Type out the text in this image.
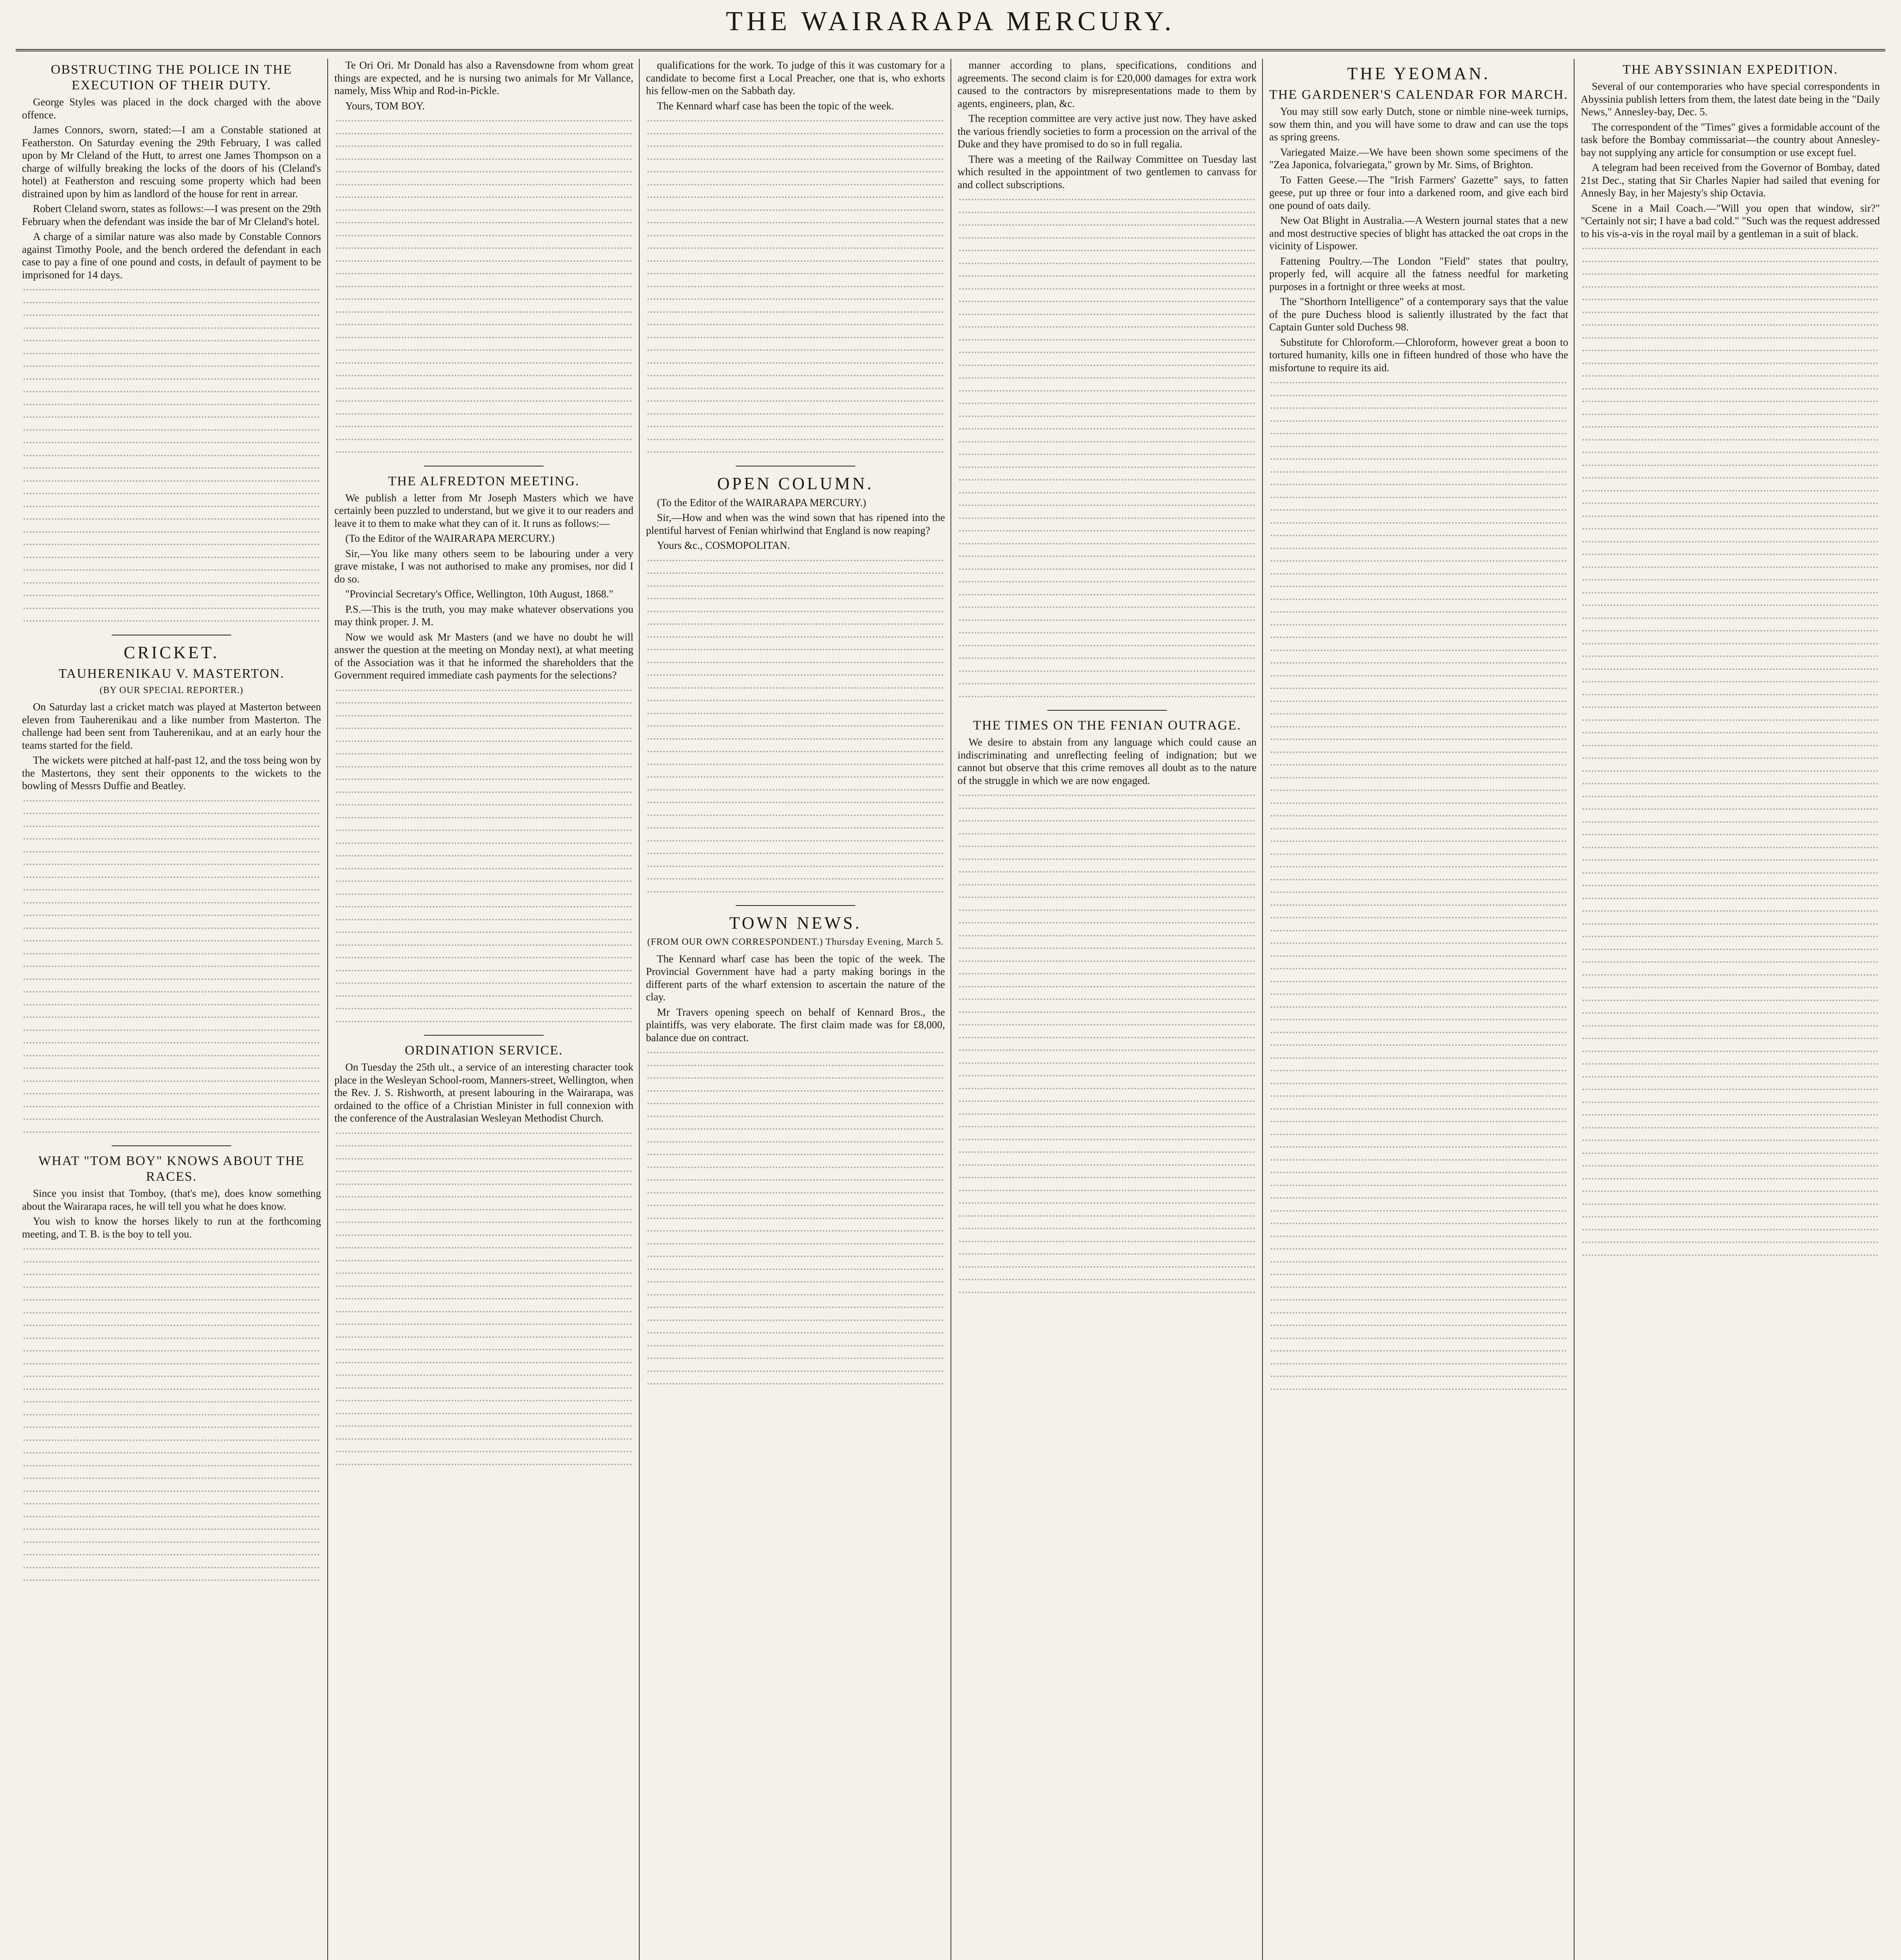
THE WAIRARAPA MERCURY.
OBSTRUCTING THE POLICE IN THE EXECUTION OF THEIR DUTY.

George Styles was placed in the dock charged with the above offence.

James Connors, sworn, stated:—I am a Constable stationed at Featherston. On Saturday evening the 29th February, I was called upon by Mr Cleland of the Hutt, to arrest one James Thompson on a charge of wilfully breaking the locks of the doors of his (Cleland's hotel) at Featherston and rescuing some property which had been distrained upon by him as landlord of the house for rent in arrear.

Robert Cleland sworn, states as follows:—I was present on the 29th February when the defendant was inside the bar of Mr Cleland's hotel.

A charge of a similar nature was also made by Constable Connors against Timothy Poole, and the bench ordered the defendant in each case to pay a fine of one pound and costs, in default of payment to be imprisoned for 14 days.

CRICKET.
TAUHERENIKAU V. MASTERTON.
(BY OUR SPECIAL REPORTER.)

On Saturday last a cricket match was played at Masterton between eleven from Tauherenikau and a like number from Masterton. The challenge had been sent from Tauherenikau, and at an early hour the teams started for the field.

The wickets were pitched at half-past 12, and the toss being won by the Mastertons, they sent their opponents to the wickets to the bowling of Messrs Duffie and Beatley.

WHAT "TOM BOY" KNOWS ABOUT THE RACES.

Since you insist that Tomboy, (that's me), does know something about the Wairarapa races, he will tell you what he does know.

You wish to know the horses likely to run at the forthcoming meeting, and T. B. is the boy to tell you.

Te Ori Ori. Mr Donald has also a Ravensdowne from whom great things are expected, and he is nursing two animals for Mr Vallance, namely, Miss Whip and Rod-in-Pickle.

Yours, TOM BOY.

THE ALFREDTON MEETING.

We publish a letter from Mr Joseph Masters which we have certainly been puzzled to understand, but we give it to our readers and leave it to them to make what they can of it. It runs as follows:—

(To the Editor of the WAIRARAPA MERCURY.)

Sir,—You like many others seem to be labouring under a very grave mistake, I was not authorised to make any promises, nor did I do so.

"Provincial Secretary's Office, Wellington, 10th August, 1868."

P.S.—This is the truth, you may make whatever observations you may think proper. J. M.

Now we would ask Mr Masters (and we have no doubt he will answer the question at the meeting on Monday next), at what meeting of the Association was it that he informed the shareholders that the Government required immediate cash payments for the selections?

ORDINATION SERVICE.

On Tuesday the 25th ult., a service of an interesting character took place in the Wesleyan School-room, Manners-street, Wellington, when the Rev. J. S. Rishworth, at present labouring in the Wairarapa, was ordained to the office of a Christian Minister in full connexion with the conference of the Australasian Wesleyan Methodist Church.

qualifications for the work. To judge of this it was customary for a candidate to become first a Local Preacher, one that is, who exhorts his fellow-men on the Sabbath day.

The Kennard wharf case has been the topic of the week.

OPEN COLUMN.

(To the Editor of the WAIRARAPA MERCURY.)

Sir,—How and when was the wind sown that has ripened into the plentiful harvest of Fenian whirlwind that England is now reaping?

Yours &c., COSMOPOLITAN.

TOWN NEWS.
(FROM OUR OWN CORRESPONDENT.) Thursday Evening, March 5.

The Kennard wharf case has been the topic of the week. The Provincial Government have had a party making borings in the different parts of the wharf extension to ascertain the nature of the clay.

Mr Travers opening speech on behalf of Kennard Bros., the plaintiffs, was very elaborate. The first claim made was for £8,000, balance due on contract.

manner according to plans, specifications, conditions and agreements. The second claim is for £20,000 damages for extra work caused to the contractors by misrepresentations made to them by agents, engineers, plan, &c.

The reception committee are very active just now. They have asked the various friendly societies to form a procession on the arrival of the Duke and they have promised to do so in full regalia.

There was a meeting of the Railway Committee on Tuesday last which resulted in the appointment of two gentlemen to canvass for and collect subscriptions.

THE TIMES ON THE FENIAN OUTRAGE.

We desire to abstain from any language which could cause an indiscriminating and unreflecting feeling of indignation; but we cannot but observe that this crime removes all doubt as to the nature of the struggle in which we are now engaged.

THE YEOMAN.
THE GARDENER'S CALENDAR FOR MARCH.

You may still sow early Dutch, stone or nimble nine-week turnips, sow them thin, and you will have some to draw and can use the tops as spring greens.

Variegated Maize.—We have been shown some specimens of the "Zea Japonica, folvariegata," grown by Mr. Sims, of Brighton.

To Fatten Geese.—The "Irish Farmers' Gazette" says, to fatten geese, put up three or four into a darkened room, and give each bird one pound of oats daily.

New Oat Blight in Australia.—A Western journal states that a new and most destructive species of blight has attacked the oat crops in the vicinity of Lispower.

Fattening Poultry.—The London "Field" states that poultry, properly fed, will acquire all the fatness needful for marketing purposes in a fortnight or three weeks at most.

The "Shorthorn Intelligence" of a contemporary says that the value of the pure Duchess blood is saliently illustrated by the fact that Captain Gunter sold Duchess 98.

Substitute for Chloroform.—Chloroform, however great a boon to tortured humanity, kills one in fifteen hundred of those who have the misfortune to require its aid.

THE ABYSSINIAN EXPEDITION.

Several of our contemporaries who have special correspondents in Abyssinia publish letters from them, the latest date being in the "Daily News," Annesley-bay, Dec. 5.

The correspondent of the "Times" gives a formidable account of the task before the Bombay commissariat—the country about Annesley-bay not supplying any article for consumption or use except fuel.

A telegram had been received from the Governor of Bombay, dated 21st Dec., stating that Sir Charles Napier had sailed that evening for Annesly Bay, in her Majesty's ship Octavia.

Scene in a Mail Coach.—"Will you open that window, sir?" "Certainly not sir; I have a bad cold." "Such was the request addressed to his vis-a-vis in the royal mail by a gentleman in a suit of black.
